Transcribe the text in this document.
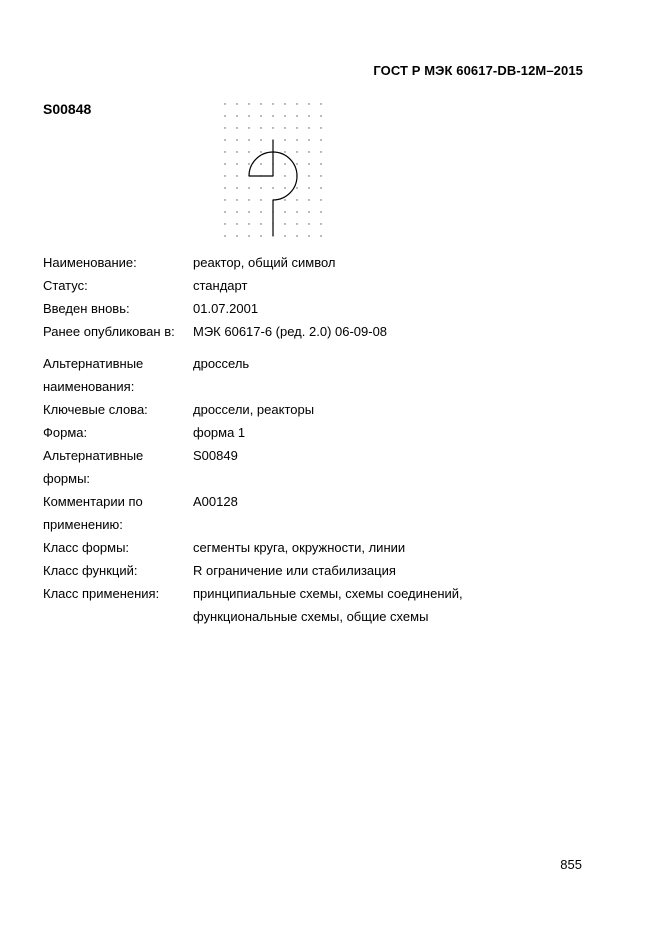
ГОСТ Р МЭК 60617-DB-12M–2015
S00848
Наименование:	реактор, общий символ
Статус:	стандарт
Введен вновь:	01.07.2001
Ранее опубликован в:	МЭК 60617-6 (ред. 2.0) 06-09-08
Альтернативные
наименования:
дроссель

Ключевые слова:	дроссели, реакторы
Форма:	форма 1
Альтернативные
формы:
S00849

Комментарии по
применению:
A00128

Класс формы:	сегменты круга, окружности, линии
Класс функций:	R ограничение или стабилизация
Класс применения:	принципиальные схемы, схемы соединений,
функциональные схемы, общие схемы
855
